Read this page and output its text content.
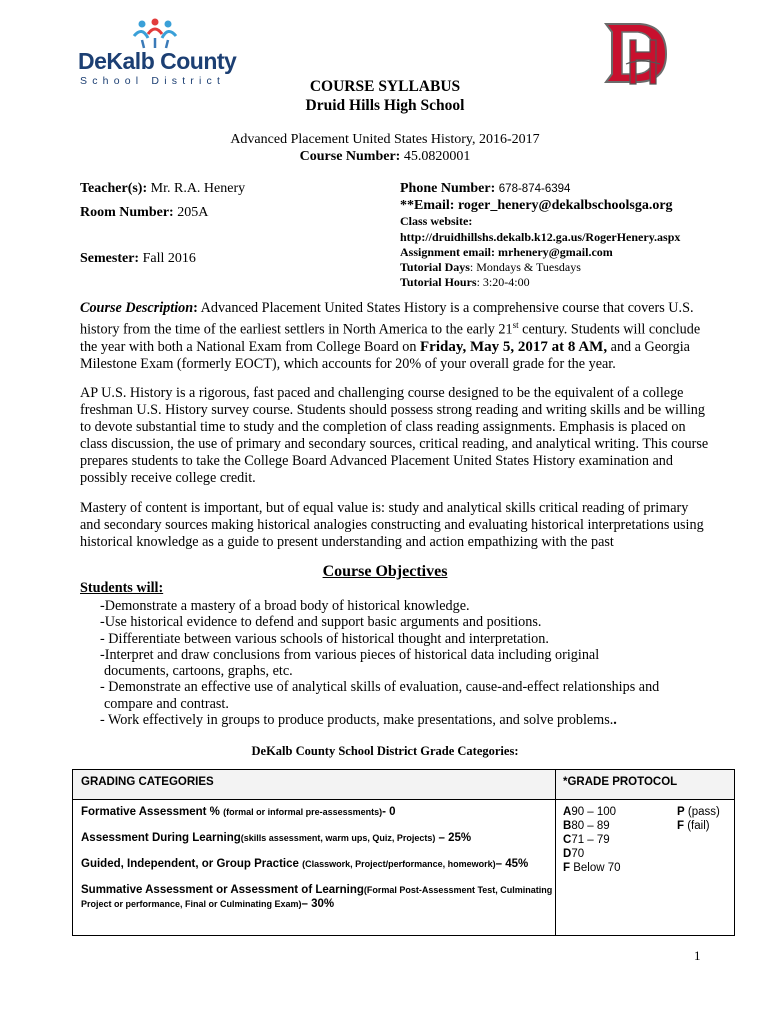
DeKalb County
School District	COURSE SYLLABUS
Druid Hills High School
Advanced Placement United States History, 2016-2017
Course Number: 45.0820001
Teacher(s): Mr. R.A. Henery
Room Number: 205A
Semester: Fall 2016
Phone Number: 678-874-6394
**Email: roger_henery@dekalbschoolsga.org
Class website:
http://druidhillshs.dekalb.k12.ga.us/RogerHenery.aspx
Assignment email: mrhenery@gmail.com
Tutorial Days: Mondays & Tuesdays
Tutorial Hours: 3:20-4:00

Course Description: Advanced Placement United States History is a comprehensive course that covers U.S. history from the time of the earliest settlers in North America to the early 21st century. Students will conclude the year with both a National Exam from College Board on Friday, May 5, 2017 at 8 AM, and a Georgia Milestone Exam (formerly EOCT), which accounts for 20% of your overall grade for the year.

AP U.S. History is a rigorous, fast paced and challenging course designed to be the equivalent of a college freshman U.S. History survey course. Students should possess strong reading and writing skills and be willing to devote substantial time to study and the completion of class reading assignments. Emphasis is placed on class discussion, the use of primary and secondary sources, critical reading, and analytical writing. This course prepares students to take the College Board Advanced Placement United States History examination and possibly receive college credit.
Mastery of content is important, but of equal value is: study and analytical skills critical reading of primary and secondary sources making historical analogies constructing and evaluating historical interpretations using historical knowledge as a guide to present understanding and action empathizing with the past
Course Objectives
Students will:
-Demonstrate a mastery of a broad body of historical knowledge.
-Use historical evidence to defend and support basic arguments and positions.
- Differentiate between various schools of historical thought and interpretation.
-Interpret and draw conclusions from various pieces of historical data including original
documents, cartoons, graphs, etc.
- Demonstrate an effective use of analytical skills of evaluation, cause-and-effect relationships and
compare and contrast.
- Work effectively in groups to produce products, make presentations, and solve problems..
DeKalb County School District Grade Categories:
GRADING CATEGORIES	*GRADE PROTOCOL
Formative Assessment % (formal or informal pre-assessments)- 0
Assessment During Learning(skills assessment, warm ups, Quiz, Projects) – 25%
Guided, Independent, or Group Practice (Classwork, Project/performance, homework)– 45%
Summative Assessment or Assessment of Learning(Formal Post-Assessment Test, Culminating
Project or performance, Final or Culminating Exam)– 30%
A90 – 100
B80 – 89
C71 – 79
D70
F Below 70
P (pass)
F (fail)
1
